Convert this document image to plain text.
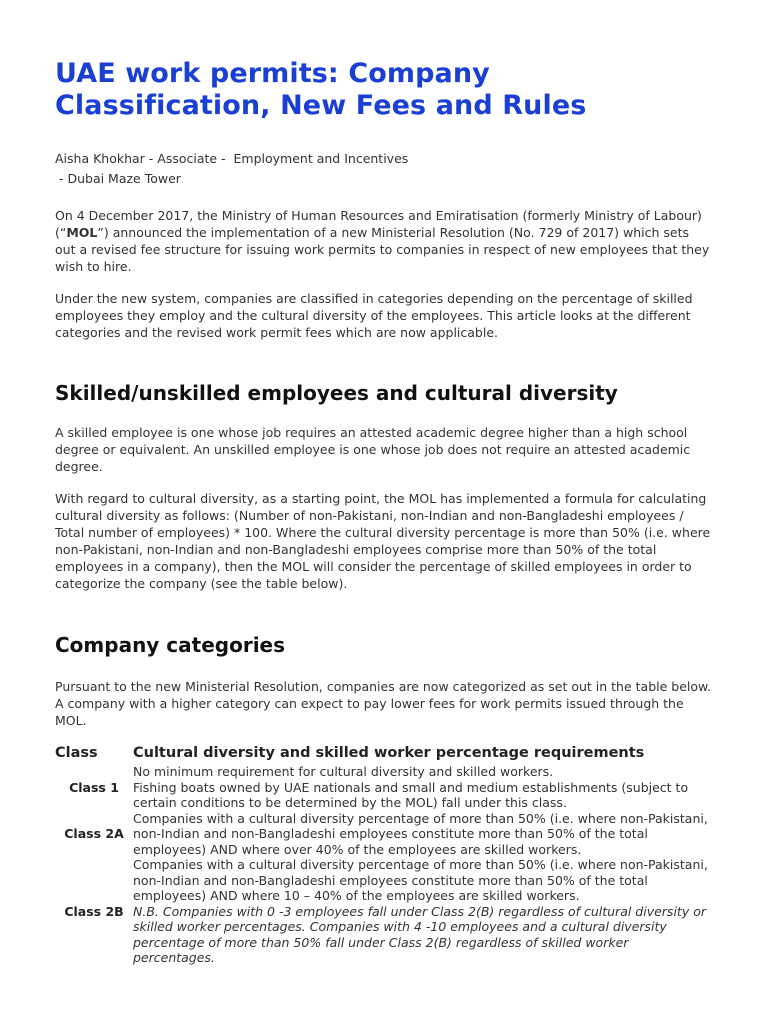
UAE work permits: Company Classification, New Fees and Rules
Aisha Khokhar - Associate -  Employment and Incentives
- Dubai Maze Tower

On 4 December 2017, the Ministry of Human Resources and Emiratisation (formerly Ministry of Labour) (“MOL”) announced the implementation of a new Ministerial Resolution (No. 729 of 2017) which sets out a revised fee structure for issuing work permits to companies in respect of new employees that they wish to hire.

Under the new system, companies are classified in categories depending on the percentage of skilled employees they employ and the cultural diversity of the employees. This article looks at the different categories and the revised work permit fees which are now applicable.

Skilled/unskilled employees and cultural diversity

A skilled employee is one whose job requires an attested academic degree higher than a high school degree or equivalent. An unskilled employee is one whose job does not require an attested academic degree.

With regard to cultural diversity, as a starting point, the MOL has implemented a formula for calculating cultural diversity as follows: (Number of non-Pakistani, non-Indian and non-Bangladeshi employees / Total number of employees) * 100. Where the cultural diversity percentage is more than 50% (i.e. where non-Pakistani, non-Indian and non-Bangladeshi employees comprise more than 50% of the total employees in a company), then the MOL will consider the percentage of skilled employees in order to categorize the company (see the table below).

Company categories

Pursuant to the new Ministerial Resolution, companies are now categorized as set out in the table below. A company with a higher category can expect to pay lower fees for work permits issued through the MOL.

Class	Cultural diversity and skilled worker percentage requirements
Class 1	No minimum requirement for cultural diversity and skilled workers.
Fishing boats owned by UAE nationals and small and medium establishments (subject to certain conditions to be determined by the MOL) fall under this class.

Class 2A	Companies with a cultural diversity percentage of more than 50% (i.e. where non-Pakistani, non-Indian and non-Bangladeshi employees constitute more than 50% of the total employees) AND where over 40% of the employees are skilled workers.

Class 2B	Companies with a cultural diversity percentage of more than 50% (i.e. where non-Pakistani, non-Indian and non-Bangladeshi employees constitute more than 50% of the total employees) AND where 10 – 40% of the employees are skilled workers.
N.B. Companies with 0 -3 employees fall under Class 2(B) regardless of cultural diversity or skilled worker percentages. Companies with 4 -10 employees and a cultural diversity percentage of more than 50% fall under Class 2(B) regardless of skilled worker percentages.
